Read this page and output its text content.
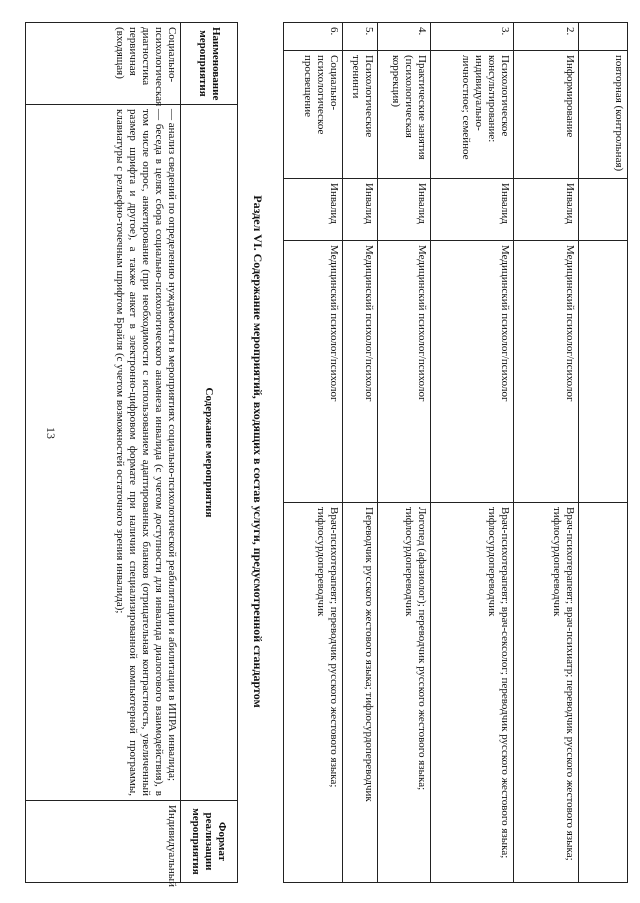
13
	повторная (контрольная)			
2.	Информирование	Инвалид	Медицинский психолог/психолог	Врач-психотерапевт; врач-психиатр; переводчик русского жестового языка; тифлосурдопереводчик
3.	Психологическое консультирование: индивидуально-личностное; семейное	Инвалид	Медицинский психолог/психолог	Врач-психотерапевт; врач-сексолог; переводчик русского жестового языка; тифлосурдопереводчик
4.	Практические занятия (психологическая коррекция)	Инвалид	Медицинский психолог/психолог	Логопед (афазиолог); переводчик русского жестового языка; тифлосурдопереводчик
5.	Психологические тренинги	Инвалид	Медицинский психолог/психолог	Переводчик русского жестового языка; тифлосурдопереводчик
6.	Социально-психологическое просвещение	Инвалид	Медицинский психолог/психолог	Врач-психотерапевт; переводчик русского жестового языка; тифлосурдопереводчик
Раздел VI. Содержание мероприятий, входящих в состав услуги, предусмотренной стандартом
Наименование мероприятия	Содержание мероприятия	Формат реализации мероприятия
Социально-психологическая диагностика первичная (входящая)	— анализ сведений по определению нуждаемости в мероприятиях социально-психологической реабилитации и абилитации в ИПРА инвалида;

— беседа в целях сбора социально-психологического анамнеза инвалида (с учетом доступности для инвалида диалогового взаимодействия), в том числе опрос, анкетирование (при необходимости с использованием адаптированных бланков (отрицательная контрастность, увеличенный размер шрифта и другое), а также анкет в электронно-цифровом формате при наличии специализированной компьютерной программы, клавиатуры с рельефно-точечным шрифтом Брайля (с учетом возможностей остаточного зрения инвалида);	Индивидуальный
